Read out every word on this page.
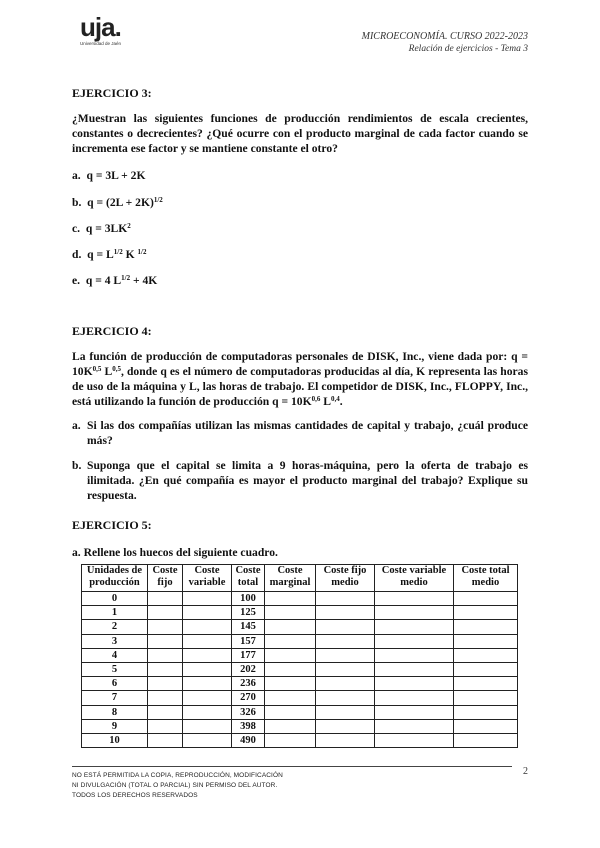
uja.
Universidad de Jaén
MICROECONOMÍA. CURSO 2022-2023
Relación de ejercicios - Tema 3
EJERCICIO 3:
¿Muestran las siguientes funciones de producción rendimientos de escala crecientes, constantes o decrecientes? ¿Qué ocurre con el producto marginal de cada factor cuando se incrementa ese factor y se mantiene constante el otro?
a. q = 3L + 2K
b. $q = (2L + 2K)^{1/2}$
c. $q = 3LK^2$
d. $q = L^{1/2}$ K $^{1/2}$
e. q = 4 $L^{1/2} + 4K$
EJERCICIO 4:
La función de producción de computadoras personales de DISK, Inc., viene dada por: $q = 10K^{0,5}$ L$^{0,5}$, donde q es el número de computadoras producidas al día, K representa las horas de uso de la máquina y L, las horas de trabajo. El competidor de DISK, Inc., FLOPPY, Inc., está utilizando la función de producción $q = 10K^{0,6}$ L$^{0,4}$.
a. Si las dos compañías utilizan las mismas cantidades de capital y trabajo, ¿cuál produce más?
b. Suponga que el capital se limita a 9 horas-máquina, pero la oferta de trabajo es ilimitada. ¿En qué compañía es mayor el producto marginal del trabajo? Explique su respuesta.
EJERCICIO 5:
a. Rellene los huecos del siguiente cuadro.
Unidades de producción	Coste fijo	Coste variable	Coste total	Coste marginal	Coste fijo medio	Coste variable medio	Coste total medio
0			100				
1			125				
2			145				
3			157				
4			177				
5			202				
6			236				
7			270				
8			326				
9			398				
10			490				
NO ESTÁ PERMITIDA LA COPIA, REPRODUCCIÓN, MODIFICACIÓN
NI DIVULGACIÓN (TOTAL O PARCIAL) SIN PERMISO DEL AUTOR.
TODOS LOS DERECHOS RESERVADOS
2
